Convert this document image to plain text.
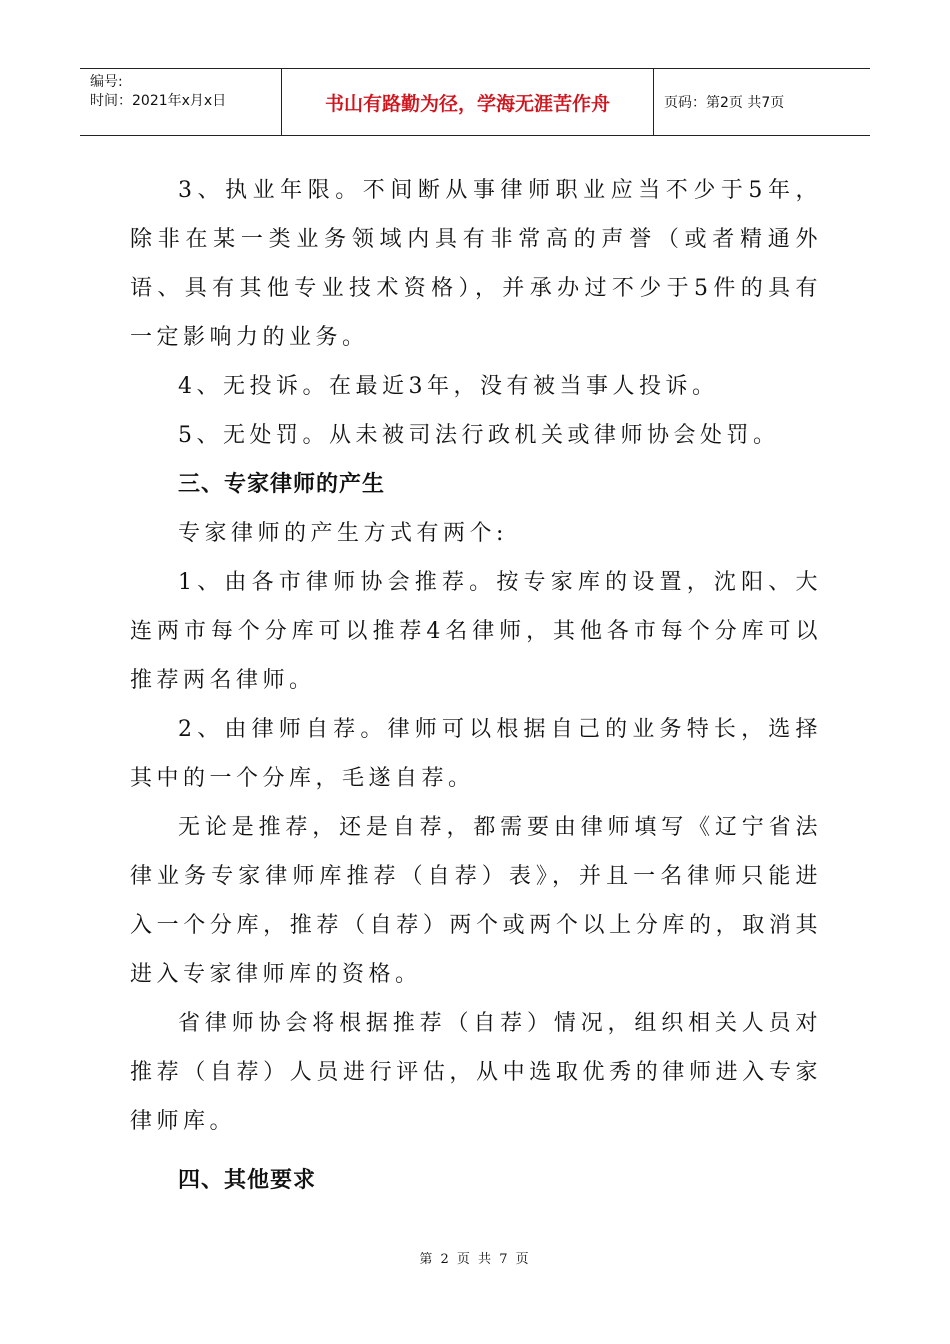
编号:
时间：2021年x月x日	书山有路勤为径，学海无涯苦作舟	页码：第2页 共7页

3、执业年限。不间断从事律师职业应当不少于5年，除非在某一类业务领域内具有非常高的声誉（或者精通外语、具有其他专业技术资格），并承办过不少于5件的具有一定影响力的业务。

4、无投诉。在最近3年，没有被当事人投诉。

5、无处罚。从未被司法行政机关或律师协会处罚。

三、专家律师的产生

专家律师的产生方式有两个:

1、由各市律师协会推荐。按专家库的设置，沈阳、大连两市每个分库可以推荐4名律师，其他各市每个分库可以推荐两名律师。

2、由律师自荐。律师可以根据自己的业务特长，选择其中的一个分库，毛遂自荐。

无论是推荐，还是自荐，都需要由律师填写《辽宁省法律业务专家律师库推荐（自荐）表》，并且一名律师只能进入一个分库，推荐（自荐）两个或两个以上分库的，取消其进入专家律师库的资格。

省律师协会将根据推荐（自荐）情况，组织相关人员对推荐（自荐）人员进行评估，从中选取优秀的律师进入专家律师库。

四、其他要求

第 2 页 共 7 页
